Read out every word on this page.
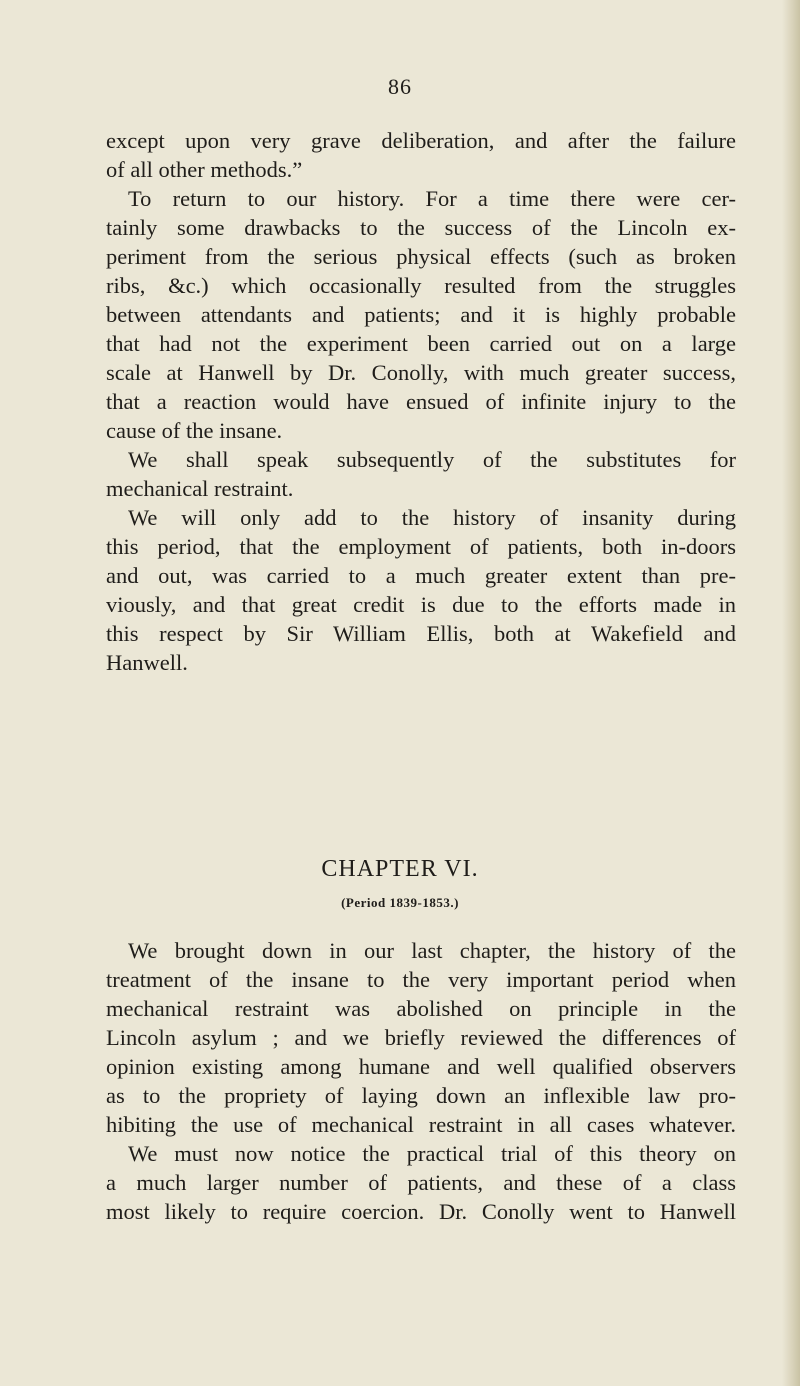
86
except upon very grave deliberation, and after the failure
of all other methods.”
To return to our history. For a time there were cer-
tainly some drawbacks to the success of the Lincoln ex-
periment from the serious physical effects (such as broken
ribs, &c.) which occasionally resulted from the struggles
between attendants and patients; and it is highly probable
that had not the experiment been carried out on a large
scale at Hanwell by Dr. Conolly, with much greater success,
that a reaction would have ensued of infinite injury to the
cause of the insane.
We shall speak subsequently of the substitutes for
mechanical restraint.
We will only add to the history of insanity during
this period, that the employment of patients, both in-doors
and out, was carried to a much greater extent than pre-
viously, and that great credit is due to the efforts made in
this respect by Sir William Ellis, both at Wakefield and
Hanwell.
CHAPTER VI.
(Period 1839-1853.)
We brought down in our last chapter, the history of the
treatment of the insane to the very important period when
mechanical restraint was abolished on principle in the
Lincoln asylum ; and we briefly reviewed the differences of
opinion existing among humane and well qualified observers
as to the propriety of laying down an inflexible law pro-
hibiting the use of mechanical restraint in all cases whatever.
We must now notice the practical trial of this theory on
a much larger number of patients, and these of a class
most likely to require coercion. Dr. Conolly went to Hanwell
